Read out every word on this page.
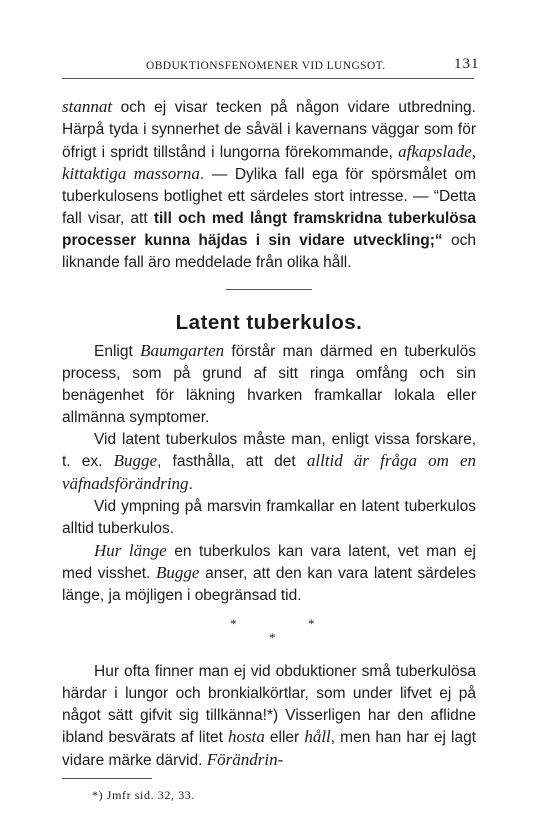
OBDUKTIONSFENOMENER VID LUNGSOT.	131

stannat och ej visar tecken på någon vidare utbredning. Härpå tyda i synnerhet de såväl i kavernans väggar som för öfrigt i spridt tillstånd i lungorna förekommande, afkapslade, kittaktiga massorna. — Dylika fall ega för spörsmålet om tuberkulosens botlighet ett särdeles stort intresse. — “Detta fall visar, att till och med långt framskridna tuberkulösa processer kunna häjdas i sin vidare utveckling;“ och liknande fall äro meddelade från olika håll.

Latent tuberkulos.

Enligt Baumgarten förstår man därmed en tuberkulös process, som på grund af sitt ringa omfång och sin benägenhet för läkning hvarken framkallar lokala eller allmänna symptomer.

Vid latent tuberkulos måste man, enligt vissa forskare, t. ex. Bugge, fasthålla, att det alltid är fråga om en väfnadsförändring.

Vid ympning på marsvin framkallar en latent tuberkulos alltid tuberkulos.

Hur länge en tuberkulos kan vara latent, vet man ej med visshet. Bugge anser, att den kan vara latent särdeles länge, ja möjligen i obegränsad tid.

*	*
*

Hur ofta finner man ej vid obduktioner små tuberkulösa härdar i lungor och bronkialkörtlar, som under lifvet ej på något sätt gifvit sig tillkänna!*) Visserligen har den aflidne ibland besvärats af litet hosta eller håll, men han har ej lagt vidare märke därvid. Förändrin-

*) Jmfr sid. 32, 33.
